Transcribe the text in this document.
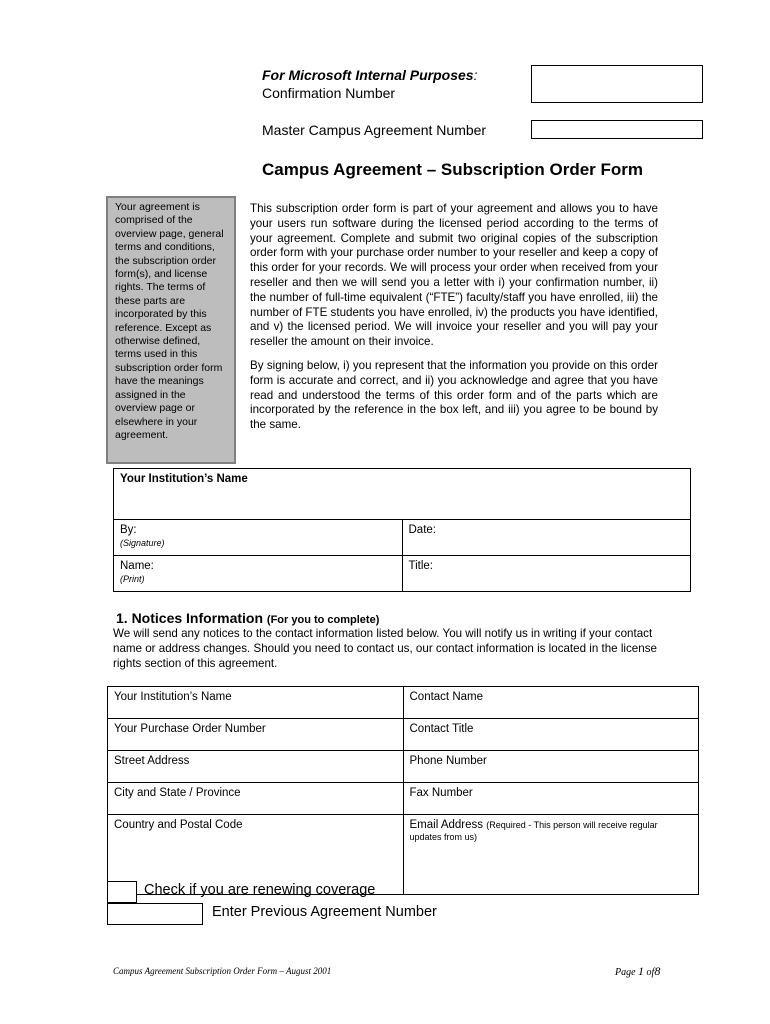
For Microsoft Internal Purposes:
Confirmation Number
Master Campus Agreement Number
Campus Agreement – Subscription Order Form
Your agreement is comprised of the overview page, general terms and conditions, the subscription order form(s), and license rights. The terms of these parts are incorporated by this reference. Except as otherwise defined, terms used in this subscription order form have the meanings assigned in the overview page or elsewhere in your agreement.

This subscription order form is part of your agreement and allows you to have your users run software during the licensed period according to the terms of your agreement. Complete and submit two original copies of the subscription order form with your purchase order number to your reseller and keep a copy of this order for your records. We will process your order when received from your reseller and then we will send you a letter with i) your confirmation number, ii) the number of full-time equivalent (“FTE”) faculty/staff you have enrolled, iii) the number of FTE students you have enrolled, iv) the products you have identified, and v) the licensed period. We will invoice your reseller and you will pay your reseller the amount on their invoice.

By signing below, i) you represent that the information you provide on this order form is accurate and correct, and ii) you acknowledge and agree that you have read and understood the terms of this order form and of the parts which are incorporated by the reference in the box left, and iii) you agree to be bound by the same.

Your Institution’s Name	
By:
(Signature)	Date:
Name:
(Print)	Title:
1. Notices Information (For you to complete)
We will send any notices to the contact information listed below. You will notify us in writing if your contact name or address changes. Should you need to contact us, our contact information is located in the license rights section of this agreement.
Your Institution’s Name	Contact Name
Your Purchase Order Number	Contact Title
Street Address	Phone Number
City and State / Province	Fax Number
Country and Postal Code	Email Address (Required - This person will receive regular updates from us)
Check if you are renewing coverage
Enter Previous Agreement Number
Campus Agreement Subscription Order Form – August 2001	Page 1 of8
